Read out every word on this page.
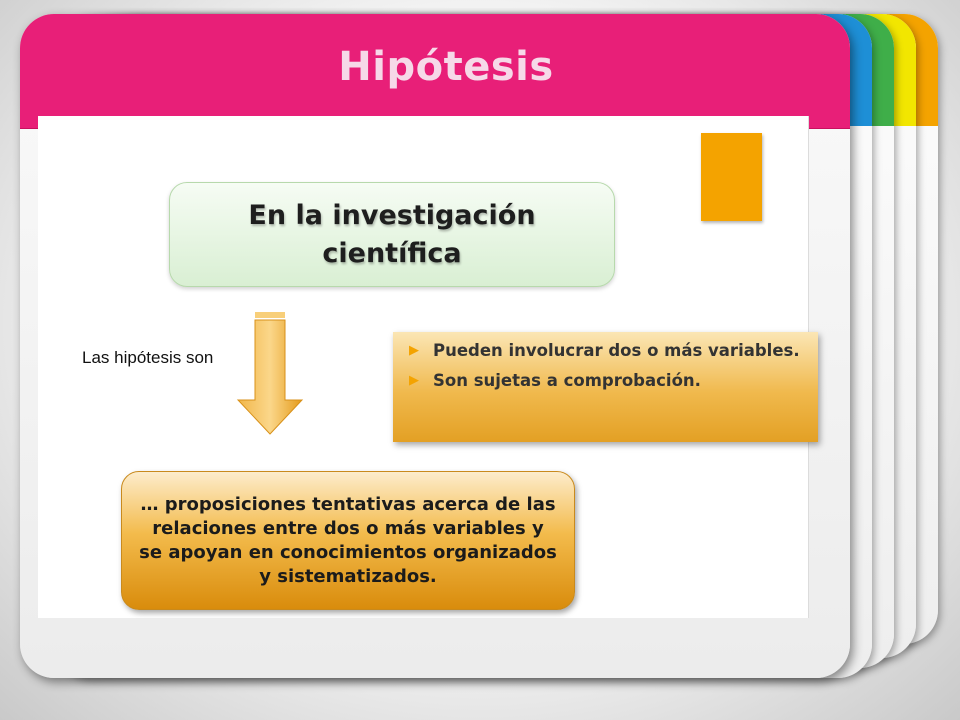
Hipótesis
En la investigación científica
Las hipótesis son	▶ Pueden involucrar dos o más variables.
▶ Son sujetas a comprobación.
… proposiciones tentativas acerca de las relaciones entre dos o más variables y se apoyan en conocimientos organizados y sistematizados.
